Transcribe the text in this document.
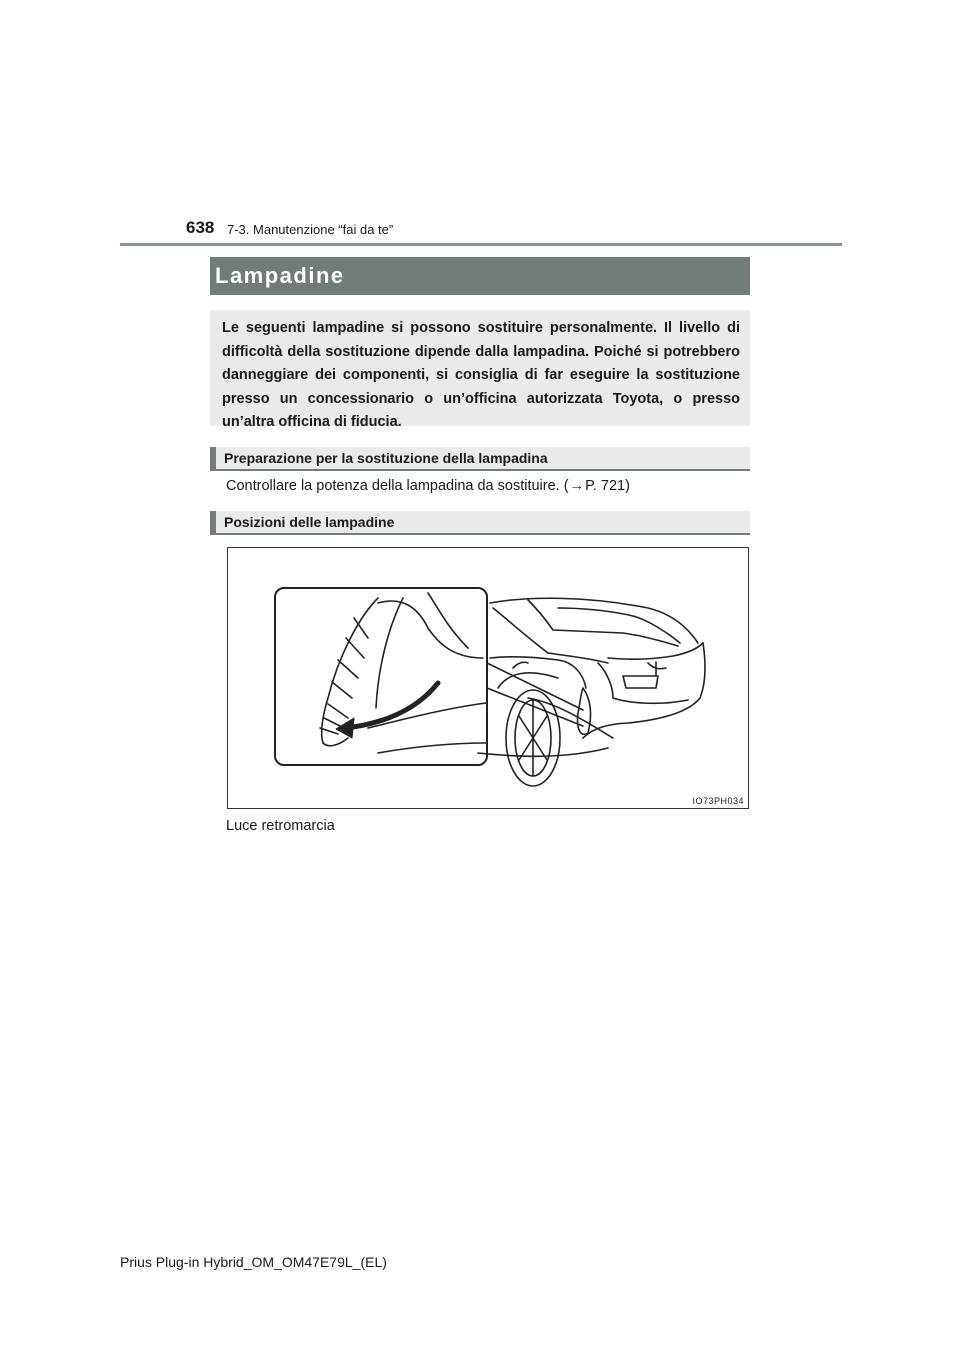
638 7-3. Manutenzione “fai da te”
Lampadine
Le seguenti lampadine si possono sostituire personalmente. Il livello di difficoltà della sostituzione dipende dalla lampadina. Poiché si potrebbero danneggiare dei componenti, si consiglia di far eseguire la sostituzione presso un concessionario o un’officina autorizzata Toyota, o presso un’altra officina di fiducia.
Preparazione per la sostituzione della lampadina
Controllare la potenza della lampadina da sostituire. (→P. 721)
Posizioni delle lampadine
IO73PH034
Luce retromarcia
Prius Plug-in Hybrid_OM_OM47E79L_(EL)
